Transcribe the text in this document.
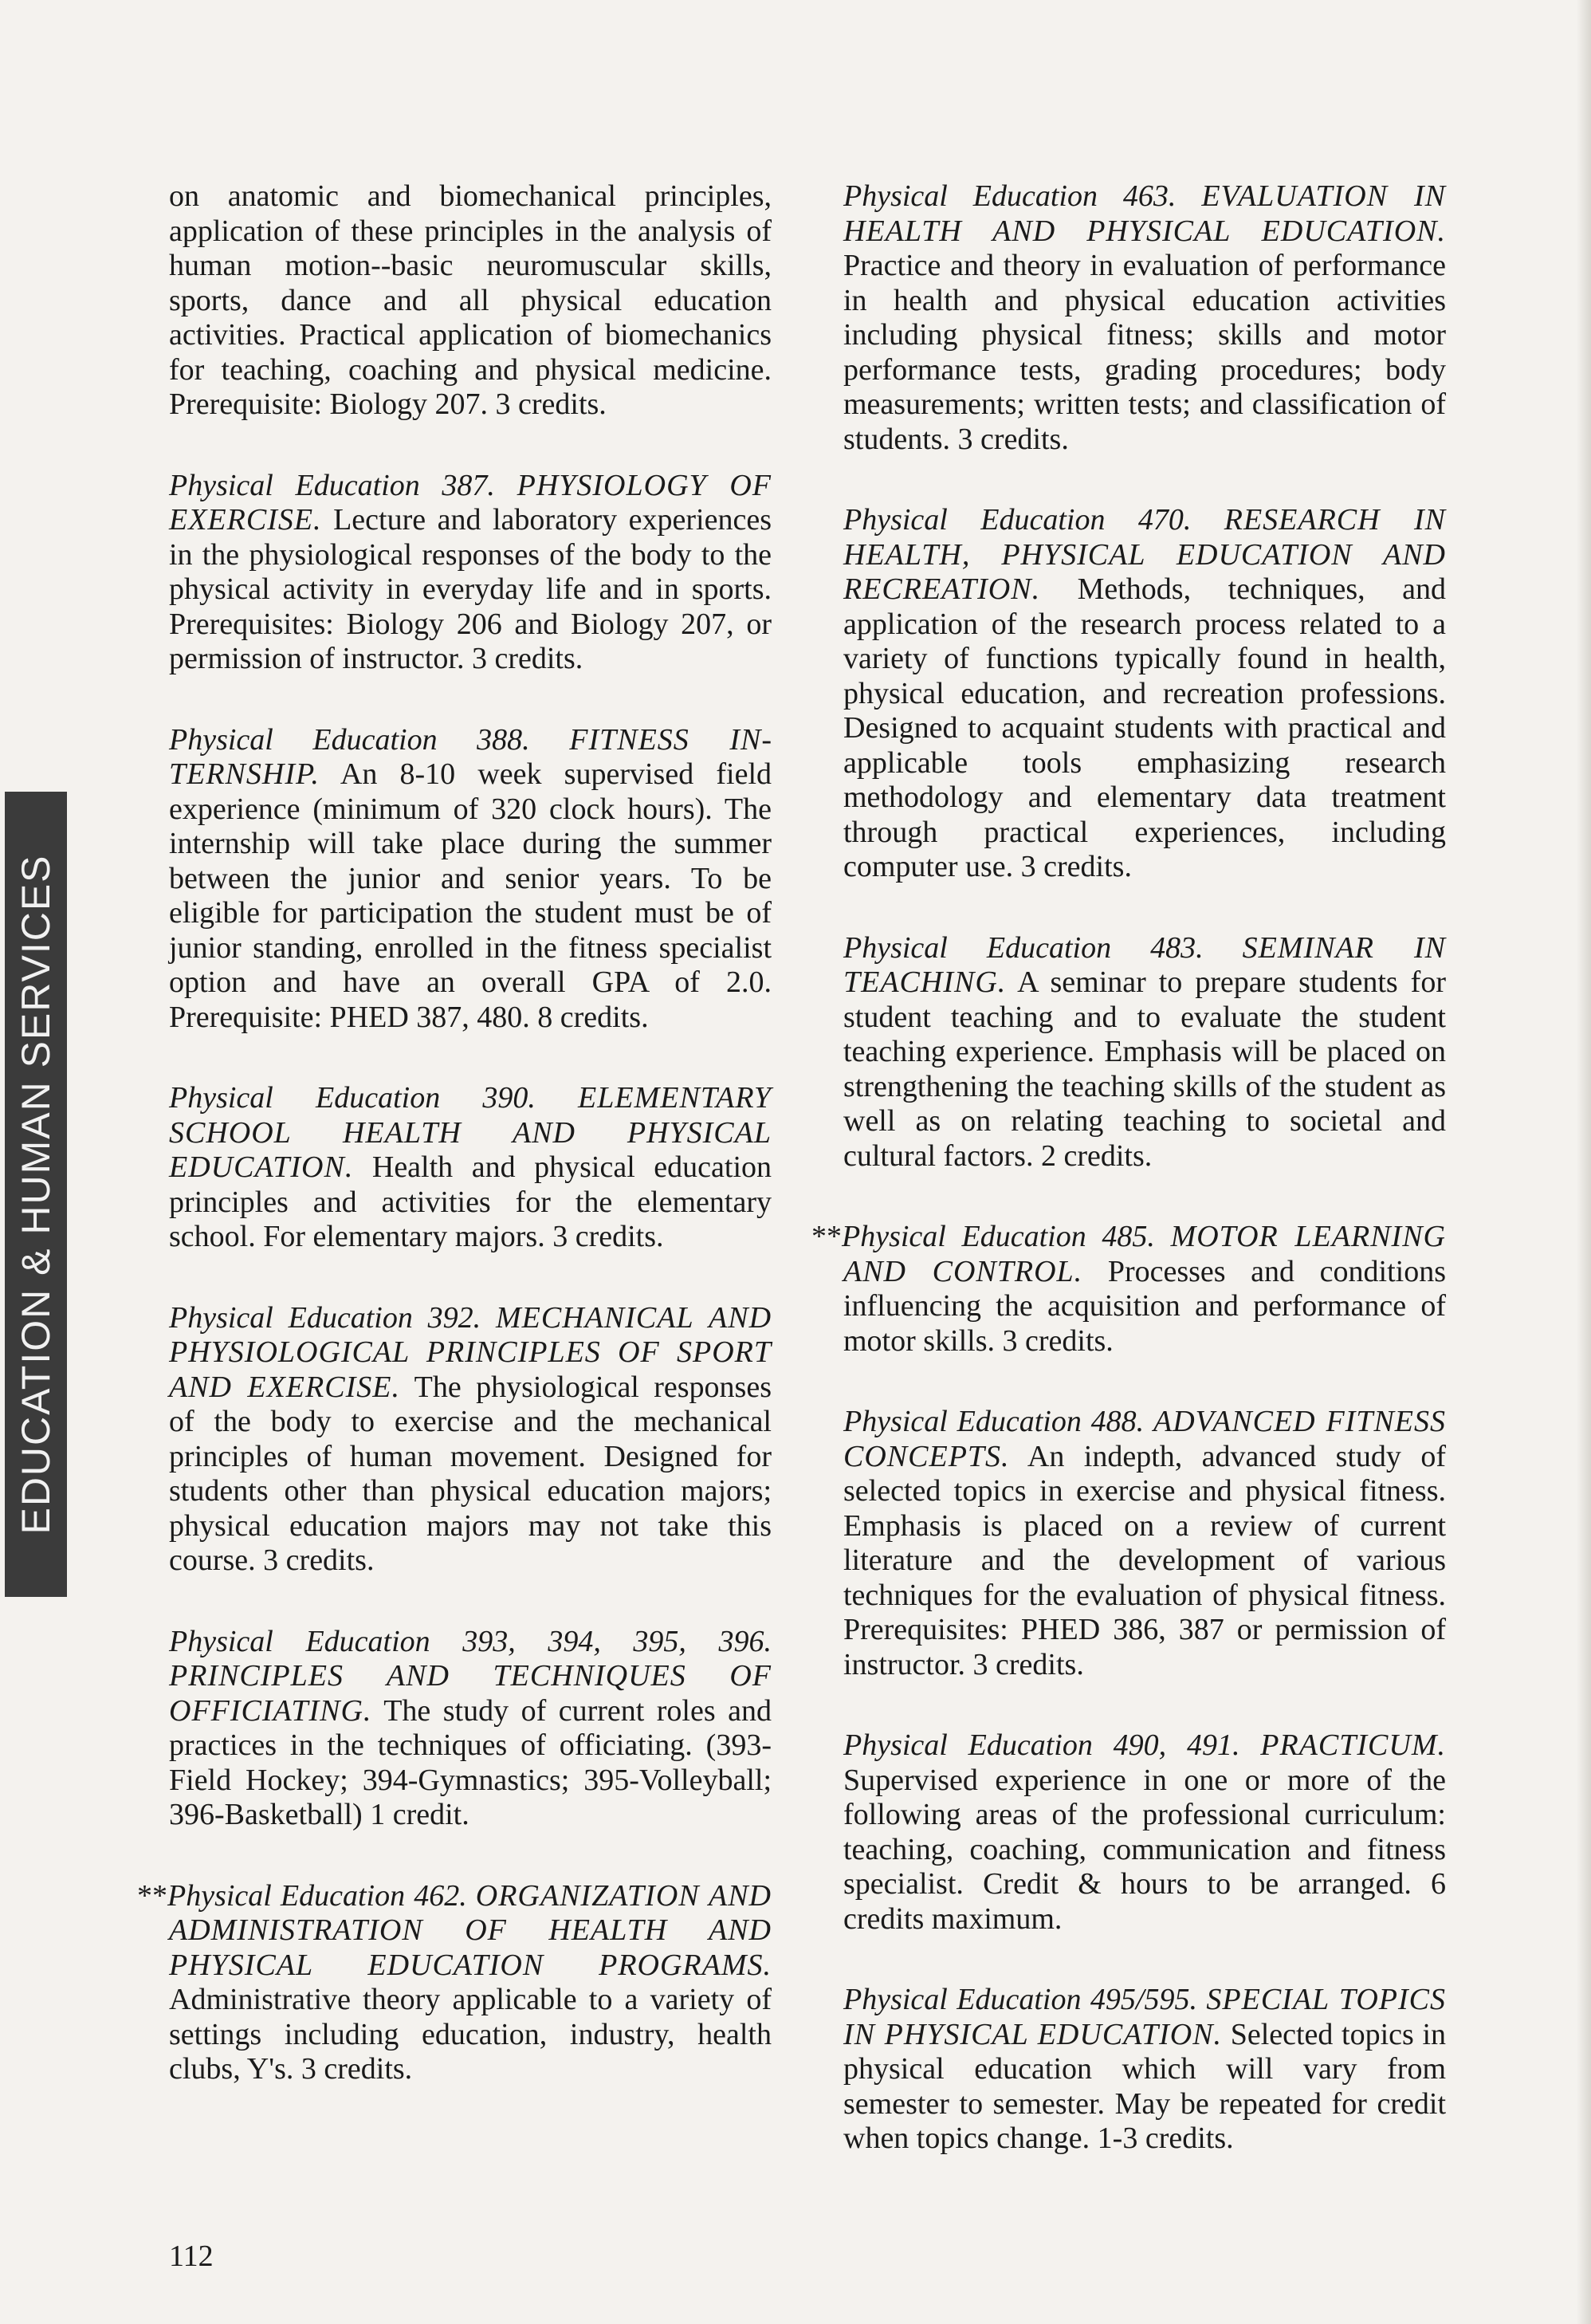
EDUCATION & HUMAN SERVICES

on anatomic and biomechanical principles, application of these principles in the analysis of human motion--basic neuromuscular skills, sports, dance and all physical education activities. Practical application of biomechanics for teaching, coaching and physical medicine. Prerequisite: Biology 207. 3 credits.

Physical Education 387. PHYSIOLOGY OF EXERCISE. Lecture and laboratory experiences in the physiological responses of the body to the physical activity in everyday life and in sports. Prerequisites: Biology 206 and Biology 207, or permission of instructor. 3 credits.

Physical Education 388. FITNESS INTERNSHIP. An 8-10 week supervised field experience (minimum of 320 clock hours). The internship will take place during the summer between the junior and senior years. To be eligible for participation the student must be of junior standing, enrolled in the fitness specialist option and have an overall GPA of 2.0. Prerequisite: PHED 387, 480. 8 credits.

Physical Education 390. ELEMENTARY SCHOOL HEALTH AND PHYSICAL EDUCATION. Health and physical education principles and activities for the elementary school. For elementary majors. 3 credits.

Physical Education 392. MECHANICAL AND PHYSIOLOGICAL PRINCIPLES OF SPORT AND EXERCISE. The physiological responses of the body to exercise and the mechanical principles of human movement. Designed for students other than physical education majors; physical education majors may not take this course. 3 credits.

Physical Education 393, 394, 395, 396. PRINCIPLES AND TECHNIQUES OF OFFICIATING. The study of current roles and practices in the techniques of officiating. (393-Field Hockey; 394-Gymnastics; 395-Volleyball; 396-Basketball) 1 credit.

**Physical Education 462. ORGANIZATION AND ADMINISTRATION OF HEALTH AND PHYSICAL EDUCATION PROGRAMS. Administrative theory applicable to a variety of settings including education, industry, health clubs, Y's. 3 credits.

Physical Education 463. EVALUATION IN HEALTH AND PHYSICAL EDUCATION. Practice and theory in evaluation of performance in health and physical education activities including physical fitness; skills and motor performance tests, grading procedures; body measurements; written tests; and classification of students. 3 credits.

Physical Education 470. RESEARCH IN HEALTH, PHYSICAL EDUCATION AND RECREATION. Methods, techniques, and application of the research process related to a variety of functions typically found in health, physical education, and recreation professions. Designed to acquaint students with practical and applicable tools emphasizing research methodology and elementary data treatment through practical experiences, including computer use. 3 credits.

Physical Education 483. SEMINAR IN TEACHING. A seminar to prepare students for student teaching and to evaluate the student teaching experience. Emphasis will be placed on strengthening the teaching skills of the student as well as on relating teaching to societal and cultural factors. 2 credits.

**Physical Education 485. MOTOR LEARNING AND CONTROL. Processes and conditions influencing the acquisition and performance of motor skills. 3 credits.

Physical Education 488. ADVANCED FITNESS CONCEPTS. An indepth, advanced study of selected topics in exercise and physical fitness. Emphasis is placed on a review of current literature and the development of various techniques for the evaluation of physical fitness. Prerequisites: PHED 386, 387 or permission of instructor. 3 credits.

Physical Education 490, 491. PRACTICUM. Supervised experience in one or more of the following areas of the professional curriculum: teaching, coaching, communication and fitness specialist. Credit & hours to be arranged. 6 credits maximum.

Physical Education 495/595. SPECIAL TOPICS IN PHYSICAL EDUCATION. Selected topics in physical education which will vary from semester to semester. May be repeated for credit when topics change. 1-3 credits.

112
